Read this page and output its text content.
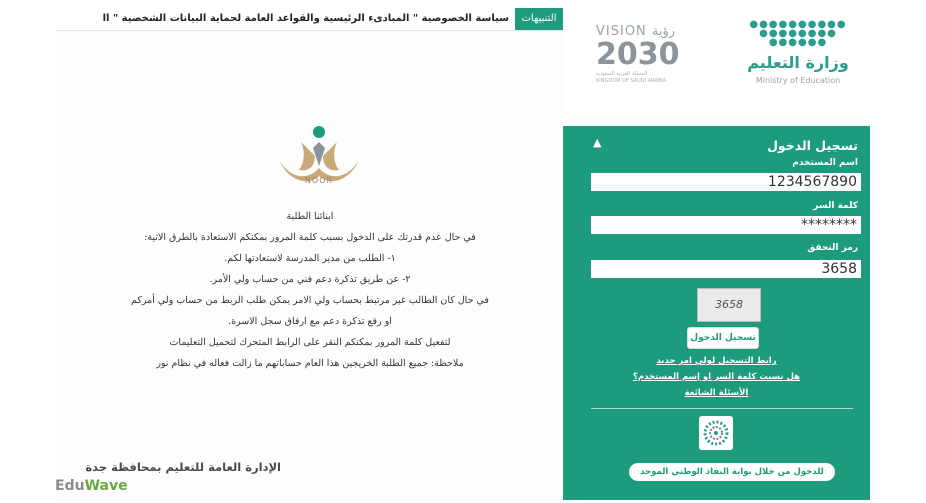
التنبيهات
سياسة الخصوصية " المبادىء الرئيسية والقواعد العامة لحماية البيانات الشخصية " اا
NOOR
ابنائنا الطلبة
في حال عدم قدرتك على الدخول بسبب كلمة المرور بمكنكم الاستعادة بالطرق الاتية:
١- الطلب من مدير المدرسة لاستعادتها لكم.
٢- عن طريق تذكرة دعم فني من حساب ولي الأمر.
في حال كان الطالب غير مرتبط بحساب ولي الامر يمكن طلب الربط من حساب ولي أمركم
او رفع تذكرة دعم مع ارفاق سجل الاسرة.
لتفعيل كلمة المرور بمكنكم النقر على الرابط المتحرك لتحميل التعليمات
ملاحظة: جميع الطلبة الخريجين هذا العام حساباتهم ما زالت فعاله في نظام نور
الإدارة العامة للتعليم بمحافظة جدة
EduWave
VISION رؤية
2030
المملكة العربية السعودية
KINGDOM OF SAUDI ARABIA
●●●●●●●●●●
●●●●●●●●
●●●●●●
وزارة التعليم
Ministry of Education
▲	تسجيل الدخول
اسم المستخدم
1234567890
كلمة السر
********
رمز التحقق
3658
3658
تسجيل الدخول
رابط التسجيل لولي امر جديد
هل نسيت كلمة السر او إسم المستخدم؟
الأسئلة الشائعة
للدخول من خلال بوابة النفاذ الوطني الموحد
